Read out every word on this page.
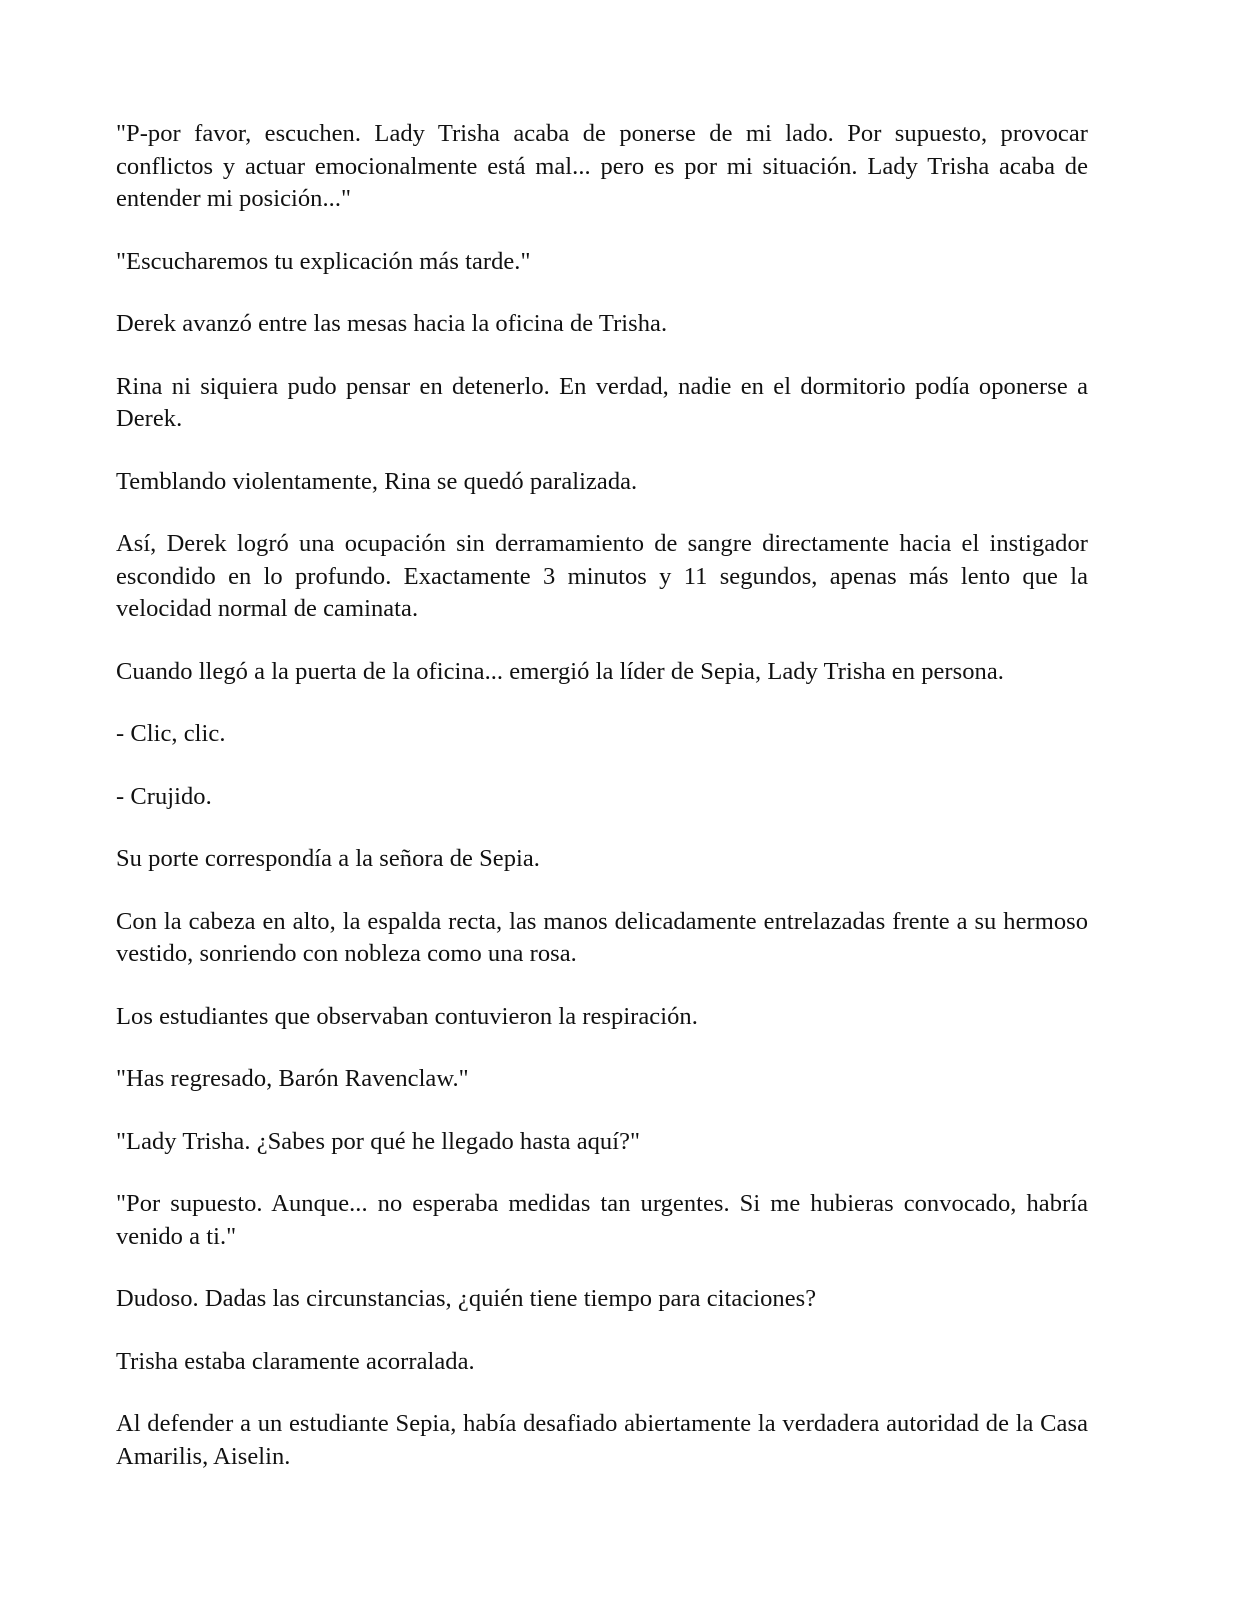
"P-por favor, escuchen. Lady Trisha acaba de ponerse de mi lado. Por supuesto, provocar conflictos y actuar emocionalmente está mal... pero es por mi situación. Lady Trisha acaba de entender mi posición..."

"Escucharemos tu explicación más tarde."

Derek avanzó entre las mesas hacia la oficina de Trisha.

Rina ni siquiera pudo pensar en detenerlo. En verdad, nadie en el dormitorio podía oponerse a Derek.

Temblando violentamente, Rina se quedó paralizada.

Así, Derek logró una ocupación sin derramamiento de sangre directamente hacia el instigador escondido en lo profundo. Exactamente 3 minutos y 11 segundos, apenas más lento que la velocidad normal de caminata.

Cuando llegó a la puerta de la oficina... emergió la líder de Sepia, Lady Trisha en persona.

- Clic, clic.

- Crujido.

Su porte correspondía a la señora de Sepia.

Con la cabeza en alto, la espalda recta, las manos delicadamente entrelazadas frente a su hermoso vestido, sonriendo con nobleza como una rosa.

Los estudiantes que observaban contuvieron la respiración.

"Has regresado, Barón Ravenclaw."

"Lady Trisha. ¿Sabes por qué he llegado hasta aquí?"

"Por supuesto. Aunque... no esperaba medidas tan urgentes. Si me hubieras convocado, habría venido a ti."

Dudoso. Dadas las circunstancias, ¿quién tiene tiempo para citaciones?

Trisha estaba claramente acorralada.

Al defender a un estudiante Sepia, había desafiado abiertamente la verdadera autoridad de la Casa Amarilis, Aiselin.
